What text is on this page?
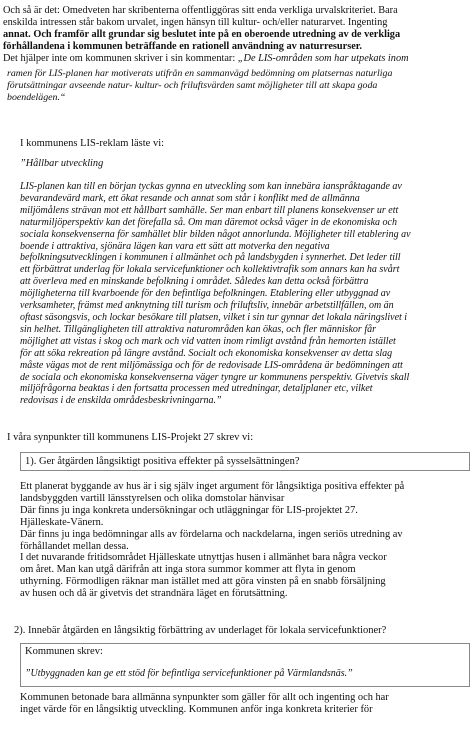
Och så är det: Omedveten har skribenterna offentliggöras sitt enda verkliga urvalskriteriet. Bara
enskilda intressen står bakom urvalet, ingen hänsyn till kultur- och/eller naturarvet. Ingenting
annat. Och framför allt grundar sig beslutet inte på en oberoende utredning av de verkliga
förhållandena i kommunen beträffande en rationell användning av naturresurser.
Det hjälper inte om kommunen skriver i sin kommentar: „De LIS-områden som har utpekats inom
ramen för LIS-planen har motiverats utifrån en sammanvägd bedömning om platsernas naturliga
förutsättningar avseende natur- kultur- och friluftsvärden samt möjligheter till att skapa goda
boendelägen.“
I kommunens LIS-reklam läste vi:
”Hållbar utveckling
LIS-planen kan till en början tyckas gynna en utveckling som kan innebära ianspråktagande av
bevarandevärd mark, ett ökat resande och annat som står i konflikt med de allmänna
miljömålens strävan mot ett hållbart samhälle. Ser man enbart till planens konsekvenser ur ett
naturmiljöperspektiv kan det förefalla så. Om man däremot också väger in de ekonomiska och
sociala konsekvenserna för samhället blir bilden något annorlunda. Möjligheter till etablering av
boende i attraktiva, sjönära lägen kan vara ett sätt att motverka den negativa
befolkningsutvecklingen i kommunen i allmänhet och på landsbygden i synnerhet. Det leder till
ett förbättrat underlag för lokala servicefunktioner och kollektivtrafik som annars kan ha svårt
att överleva med en minskande befolkning i området. Således kan detta också förbättra
möjligheterna till kvarboende för den befintliga befolkningen. Etablering eller utbyggnad av
verksamheter, främst med anknytning till turism och friluftsliv, innebär arbetstillfällen, om än
oftast säsongsvis, och lockar besökare till platsen, vilket i sin tur gynnar det lokala näringslivet i
sin helhet. Tillgängligheten till attraktiva naturområden kan ökas, och fler människor får
möjlighet att vistas i skog och mark och vid vatten inom rimligt avstånd från hemorten istället
för att söka rekreation på längre avstånd. Socialt och ekonomiska konsekvenser av detta slag
måste vägas mot de rent miljömässiga och för de redovisade LIS-områdena är bedömningen att
de sociala och ekonomiska konsekvenserna väger tyngre ur kommunens perspektiv. Givetvis skall
miljöfrågorna beaktas i den fortsatta processen med utredningar, detaljplaner etc, vilket
redovisas i de enskilda områdesbeskrivningarna.”
I våra synpunkter till kommunens LIS-Projekt 27 skrev vi:
1). Ger åtgärden långsiktigt positiva effekter på sysselsättningen?
Ett planerat byggande av hus är i sig själv inget argument för långsiktiga positiva effekter på
landsbyggden vartill länsstyrelsen och olika domstolar hänvisar
Där finns ju inga konkreta undersökningar och utläggningar för LIS-projektet 27.
Hjälleskate-Vänern.
Där finns ju inga bedömningar alls av fördelarna och nackdelarna, ingen seriös utredning av
förhållandet mellan dessa.
I det nuvarande fritidsområdet Hjälleskate utnyttjas husen i allmänhet bara några veckor
om året. Man kan utgå därifrån att inga stora summor kommer att flyta in genom
uthyrning. Förmodligen räknar man istället med att göra vinsten på en snabb försäljning
av husen och då är givetvis det strandnära läget en förutsättning.
2). Innebär åtgärden en långsiktig förbättring av underlaget för lokala servicefunktioner?
Kommunen skrev:
”Utbyggnaden kan ge ett stöd för befintliga servicefunktioner på Värmlandsnäs.”
Kommunen betonade bara allmänna synpunkter som gäller för allt och ingenting och har
inget värde för en långsiktig utveckling. Kommunen anför inga konkreta kriterier för
